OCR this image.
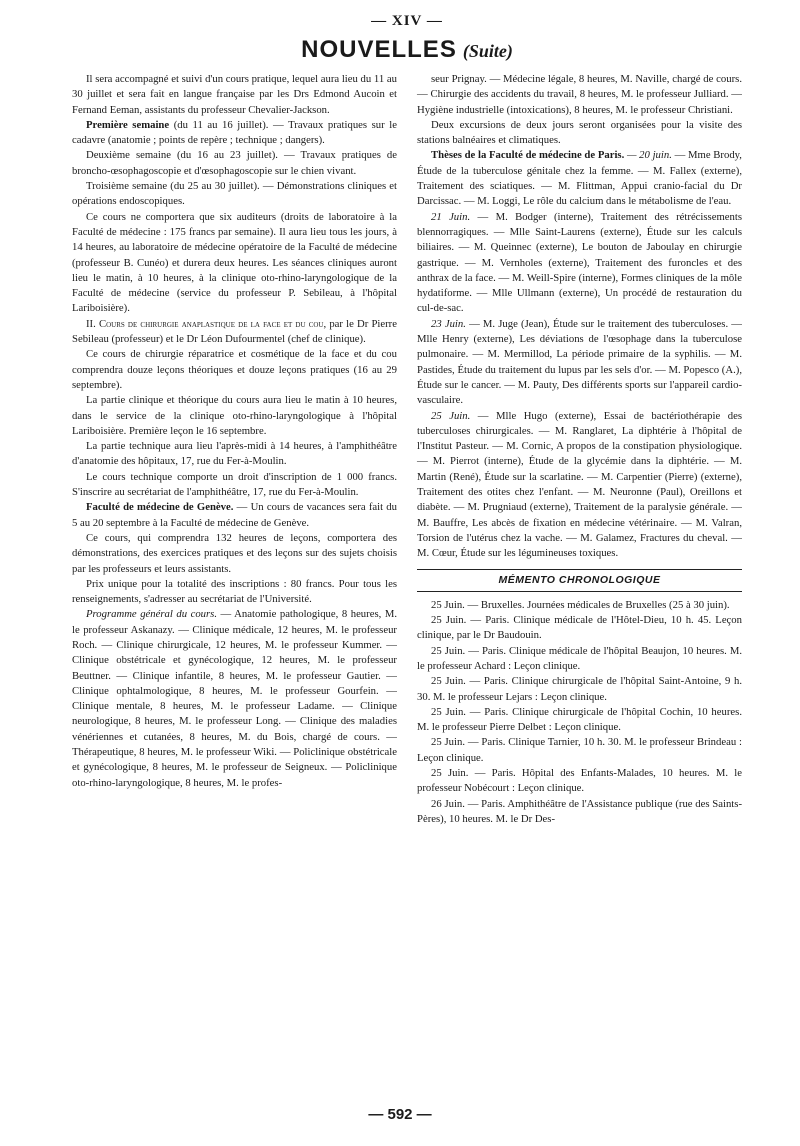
— XIV —
NOUVELLES (Suite)

Il sera accompagné et suivi d'un cours pratique, lequel aura lieu du 11 au 30 juillet et sera fait en langue française par les Drs Edmond Aucoin et Fernand Eeman, assistants du professeur Chevalier-Jackson.

Première semaine (du 11 au 16 juillet). — Travaux pratiques sur le cadavre (anatomie ; points de repère ; technique ; dangers).

Deuxième semaine (du 16 au 23 juillet). — Travaux pratiques de broncho-œsophagoscopie et d'œsophagoscopie sur le chien vivant.

Troisième semaine (du 25 au 30 juillet). — Démonstrations cliniques et opérations endoscopiques.

Ce cours ne comportera que six auditeurs (droits de laboratoire à la Faculté de médecine : 175 francs par semaine). Il aura lieu tous les jours, à 14 heures, au laboratoire de médecine opératoire de la Faculté de médecine (professeur B. Cunéo) et durera deux heures. Les séances cliniques auront lieu le matin, à 10 heures, à la clinique oto-rhino-laryngologique de la Faculté de médecine (service du professeur P. Sebileau, à l'hôpital Lariboisière).

II. Cours de chirurgie anaplastique de la face et du cou, par le Dr Pierre Sebileau (professeur) et le Dr Léon Dufourmentel (chef de clinique).

Ce cours de chirurgie réparatrice et cosmétique de la face et du cou comprendra douze leçons théoriques et douze leçons pratiques (16 au 29 septembre).

La partie clinique et théorique du cours aura lieu le matin à 10 heures, dans le service de la clinique oto-rhino-laryngologique à l'hôpital Lariboisière. Première leçon le 16 septembre.

La partie technique aura lieu l'après-midi à 14 heures, à l'amphithéâtre d'anatomie des hôpitaux, 17, rue du Fer-à-Moulin.

Le cours technique comporte un droit d'inscription de 1 000 francs. S'inscrire au secrétariat de l'amphithéâtre, 17, rue du Fer-à-Moulin.

Faculté de médecine de Genève. — Un cours de vacances sera fait du 5 au 20 septembre à la Faculté de médecine de Genève.

Ce cours, qui comprendra 132 heures de leçons, comportera des démonstrations, des exercices pratiques et des leçons sur des sujets choisis par les professeurs et leurs assistants.

Prix unique pour la totalité des inscriptions : 80 francs. Pour tous les renseignements, s'adresser au secrétariat de l'Université.

Programme général du cours. — Anatomie pathologique, 8 heures, M. le professeur Askanazy. — Clinique médicale, 12 heures, M. le professeur Roch. — Clinique chirurgicale, 12 heures, M. le professeur Kummer. — Clinique obstétricale et gynécologique, 12 heures, M. le professeur Beuttner. — Clinique infantile, 8 heures, M. le professeur Gautier. — Clinique ophtalmologique, 8 heures, M. le professeur Gourfein. — Clinique mentale, 8 heures, M. le professeur Ladame. — Clinique neurologique, 8 heures, M. le professeur Long. — Clinique des maladies vénériennes et cutanées, 8 heures, M. du Bois, chargé de cours. — Thérapeutique, 8 heures, M. le professeur Wiki. — Policlinique obstétricale et gynécologique, 8 heures, M. le professeur de Seigneux. — Policlinique oto-rhino-laryngologique, 8 heures, M. le profes-

seur Prignay. — Médecine légale, 8 heures, M. Naville, chargé de cours. — Chirurgie des accidents du travail, 8 heures, M. le professeur Julliard. — Hygiène industrielle (intoxications), 8 heures, M. le professeur Christiani.

Deux excursions de deux jours seront organisées pour la visite des stations balnéaires et climatiques.

Thèses de la Faculté de médecine de Paris. — 20 juin. — Mme Brody, Étude de la tuberculose génitale chez la femme. — M. Fallex (externe), Traitement des sciatiques. — M. Flittman, Appui cranio-facial du Dr Darcissac. — M. Loggi, Le rôle du calcium dans le métabolisme de l'eau.

21 Juin. — M. Bodger (interne), Traitement des rétrécissements blennorragiques. — Mlle Saint-Laurens (externe), Étude sur les calculs biliaires. — M. Queinnec (externe), Le bouton de Jaboulay en chirurgie gastrique. — M. Vernholes (externe), Traitement des furoncles et des anthrax de la face. — M. Weill-Spire (interne), Formes cliniques de la môle hydatiforme. — Mlle Ullmann (externe), Un procédé de restauration du cul-de-sac.

23 Juin. — M. Juge (Jean), Étude sur le traitement des tuberculoses. — Mlle Henry (externe), Les déviations de l'œsophage dans la tuberculose pulmonaire. — M. Mermillod, La période primaire de la syphilis. — M. Pastides, Étude du traitement du lupus par les sels d'or. — M. Popesco (A.), Étude sur le cancer. — M. Pauty, Des différents sports sur l'appareil cardio-vasculaire.

25 Juin. — Mlle Hugo (externe), Essai de bactériothérapie des tuberculoses chirurgicales. — M. Ranglaret, La diphtérie à l'hôpital de l'Institut Pasteur. — M. Cornic, A propos de la constipation physiologique. — M. Pierrot (interne), Étude de la glycémie dans la diphtérie. — M. Martin (René), Étude sur la scarlatine. — M. Carpentier (Pierre) (externe), Traitement des otites chez l'enfant. — M. Neuronne (Paul), Oreillons et diabète. — M. Prugniaud (externe), Traitement de la paralysie générale. — M. Bauffre, Les abcès de fixation en médecine vétérinaire. — M. Valran, Torsion de l'utérus chez la vache. — M. Galamez, Fractures du cheval. — M. Cœur, Étude sur les légumineuses toxiques.

MÉMENTO CHRONOLOGIQUE

25 Juin. — Bruxelles. Journées médicales de Bruxelles (25 à 30 juin).

25 Juin. — Paris. Clinique médicale de l'Hôtel-Dieu, 10 h. 45. Leçon clinique, par le Dr Baudouin.

25 Juin. — Paris. Clinique médicale de l'hôpital Beaujon, 10 heures. M. le professeur Achard : Leçon clinique.

25 Juin. — Paris. Clinique chirurgicale de l'hôpital Saint-Antoine, 9 h. 30. M. le professeur Lejars : Leçon clinique.

25 Juin. — Paris. Clinique chirurgicale de l'hôpital Cochin, 10 heures. M. le professeur Pierre Delbet : Leçon clinique.

25 Juin. — Paris. Clinique Tarnier, 10 h. 30. M. le professeur Brindeau : Leçon clinique.

25 Juin. — Paris. Hôpital des Enfants-Malades, 10 heures. M. le professeur Nobécourt : Leçon clinique.

26 Juin. — Paris. Amphithéâtre de l'Assistance publique (rue des Saints-Pères), 10 heures. M. le Dr Des-

— 592 —
